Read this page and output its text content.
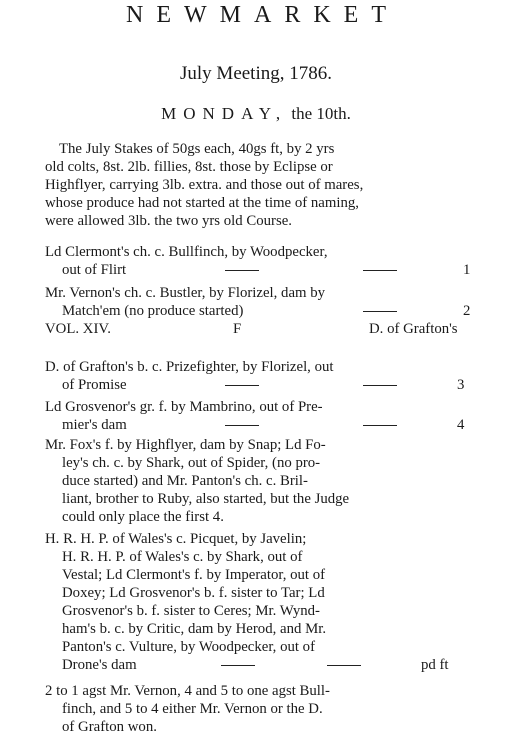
NEWMARKET
July Meeting, 1786.
MONDAY, the 10th.
The July Stakes of 50gs each, 40gs ft, by 2 yrs
old colts, 8st. 2lb. fillies, 8st. those by Eclipse or
Highflyer, carrying 3lb. extra. and those out of mares,
whose produce had not started at the time of naming,
were allowed 3lb. the two yrs old Course.
Ld Clermont's ch. c. Bullfinch, by Woodpecker,
out of Flirt	1
Mr. Vernon's ch. c. Bustler, by Florizel, dam by
Match'em (no produce started)	2
VOL. XIV.	F	D. of Grafton's
D. of Grafton's b. c. Prizefighter, by Florizel, out
of Promise	3
Ld Grosvenor's gr. f. by Mambrino, out of Pre-
mier's dam	4
Mr. Fox's f. by Highflyer, dam by Snap; Ld Fo-
ley's ch. c. by Shark, out of Spider, (no pro-
duce started) and Mr. Panton's ch. c. Bril-
liant, brother to Ruby, also started, but the Judge
could only place the first 4.
H. R. H. P. of Wales's c. Picquet, by Javelin;
H. R. H. P. of Wales's c. by Shark, out of
Vestal; Ld Clermont's f. by Imperator, out of
Doxey; Ld Grosvenor's b. f. sister to Tar; Ld
Grosvenor's b. f. sister to Ceres; Mr. Wynd-
ham's b. c. by Critic, dam by Herod, and Mr.
Panton's c. Vulture, by Woodpecker, out of
Drone's dam	pd ft
2 to 1 agst Mr. Vernon, 4 and 5 to one agst Bull-
finch, and 5 to 4 either Mr. Vernon or the D.
of Grafton won.
